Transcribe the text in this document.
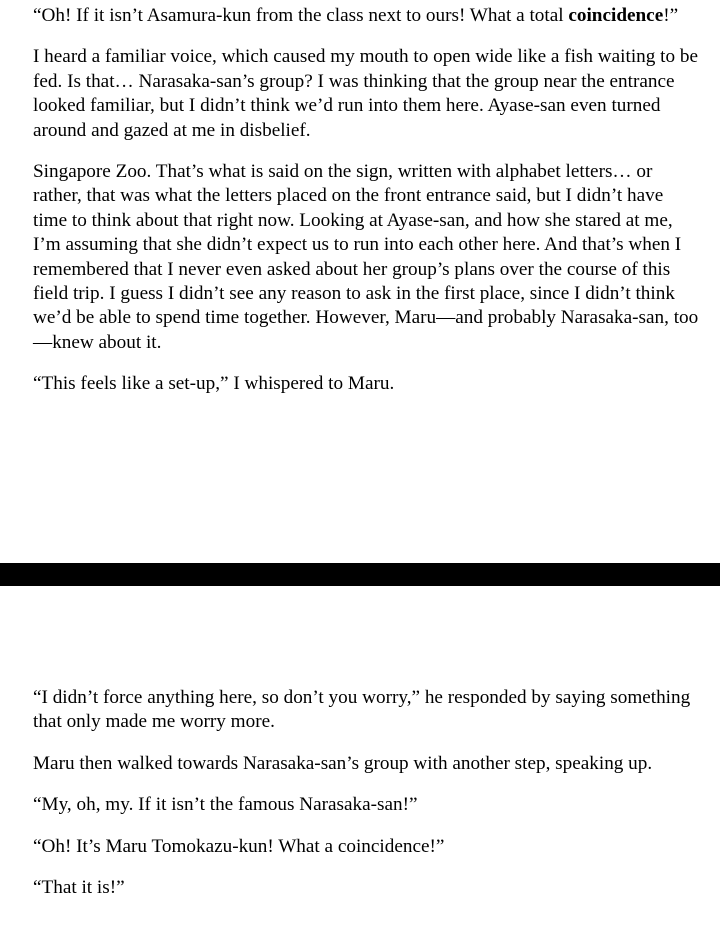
“Oh! If it isn’t Asamura-kun from the class next to ours! What a total coincidence!”

I heard a familiar voice, which caused my mouth to open wide like a fish waiting to be fed. Is that… Narasaka-san’s group? I was thinking that the group near the entrance looked familiar, but I didn’t think we’d run into them here. Ayase-san even turned around and gazed at me in disbelief.

Singapore Zoo. That’s what is said on the sign, written with alphabet letters… or rather, that was what the letters placed on the front entrance said, but I didn’t have time to think about that right now. Looking at Ayase-san, and how she stared at me, I’m assuming that she didn’t expect us to run into each other here. And that’s when I remembered that I never even asked about her group’s plans over the course of this field trip. I guess I didn’t see any reason to ask in the first place, since I didn’t think we’d be able to spend time together. However, Maru—and probably Narasaka-san, too—knew about it.

“This feels like a set-up,” I whispered to Maru.

“I didn’t force anything here, so don’t you worry,” he responded by saying something that only made me worry more.

Maru then walked towards Narasaka-san’s group with another step, speaking up.

“My, oh, my. If it isn’t the famous Narasaka-san!”

“Oh! It’s Maru Tomokazu-kun! What a coincidence!”

“That it is!”
